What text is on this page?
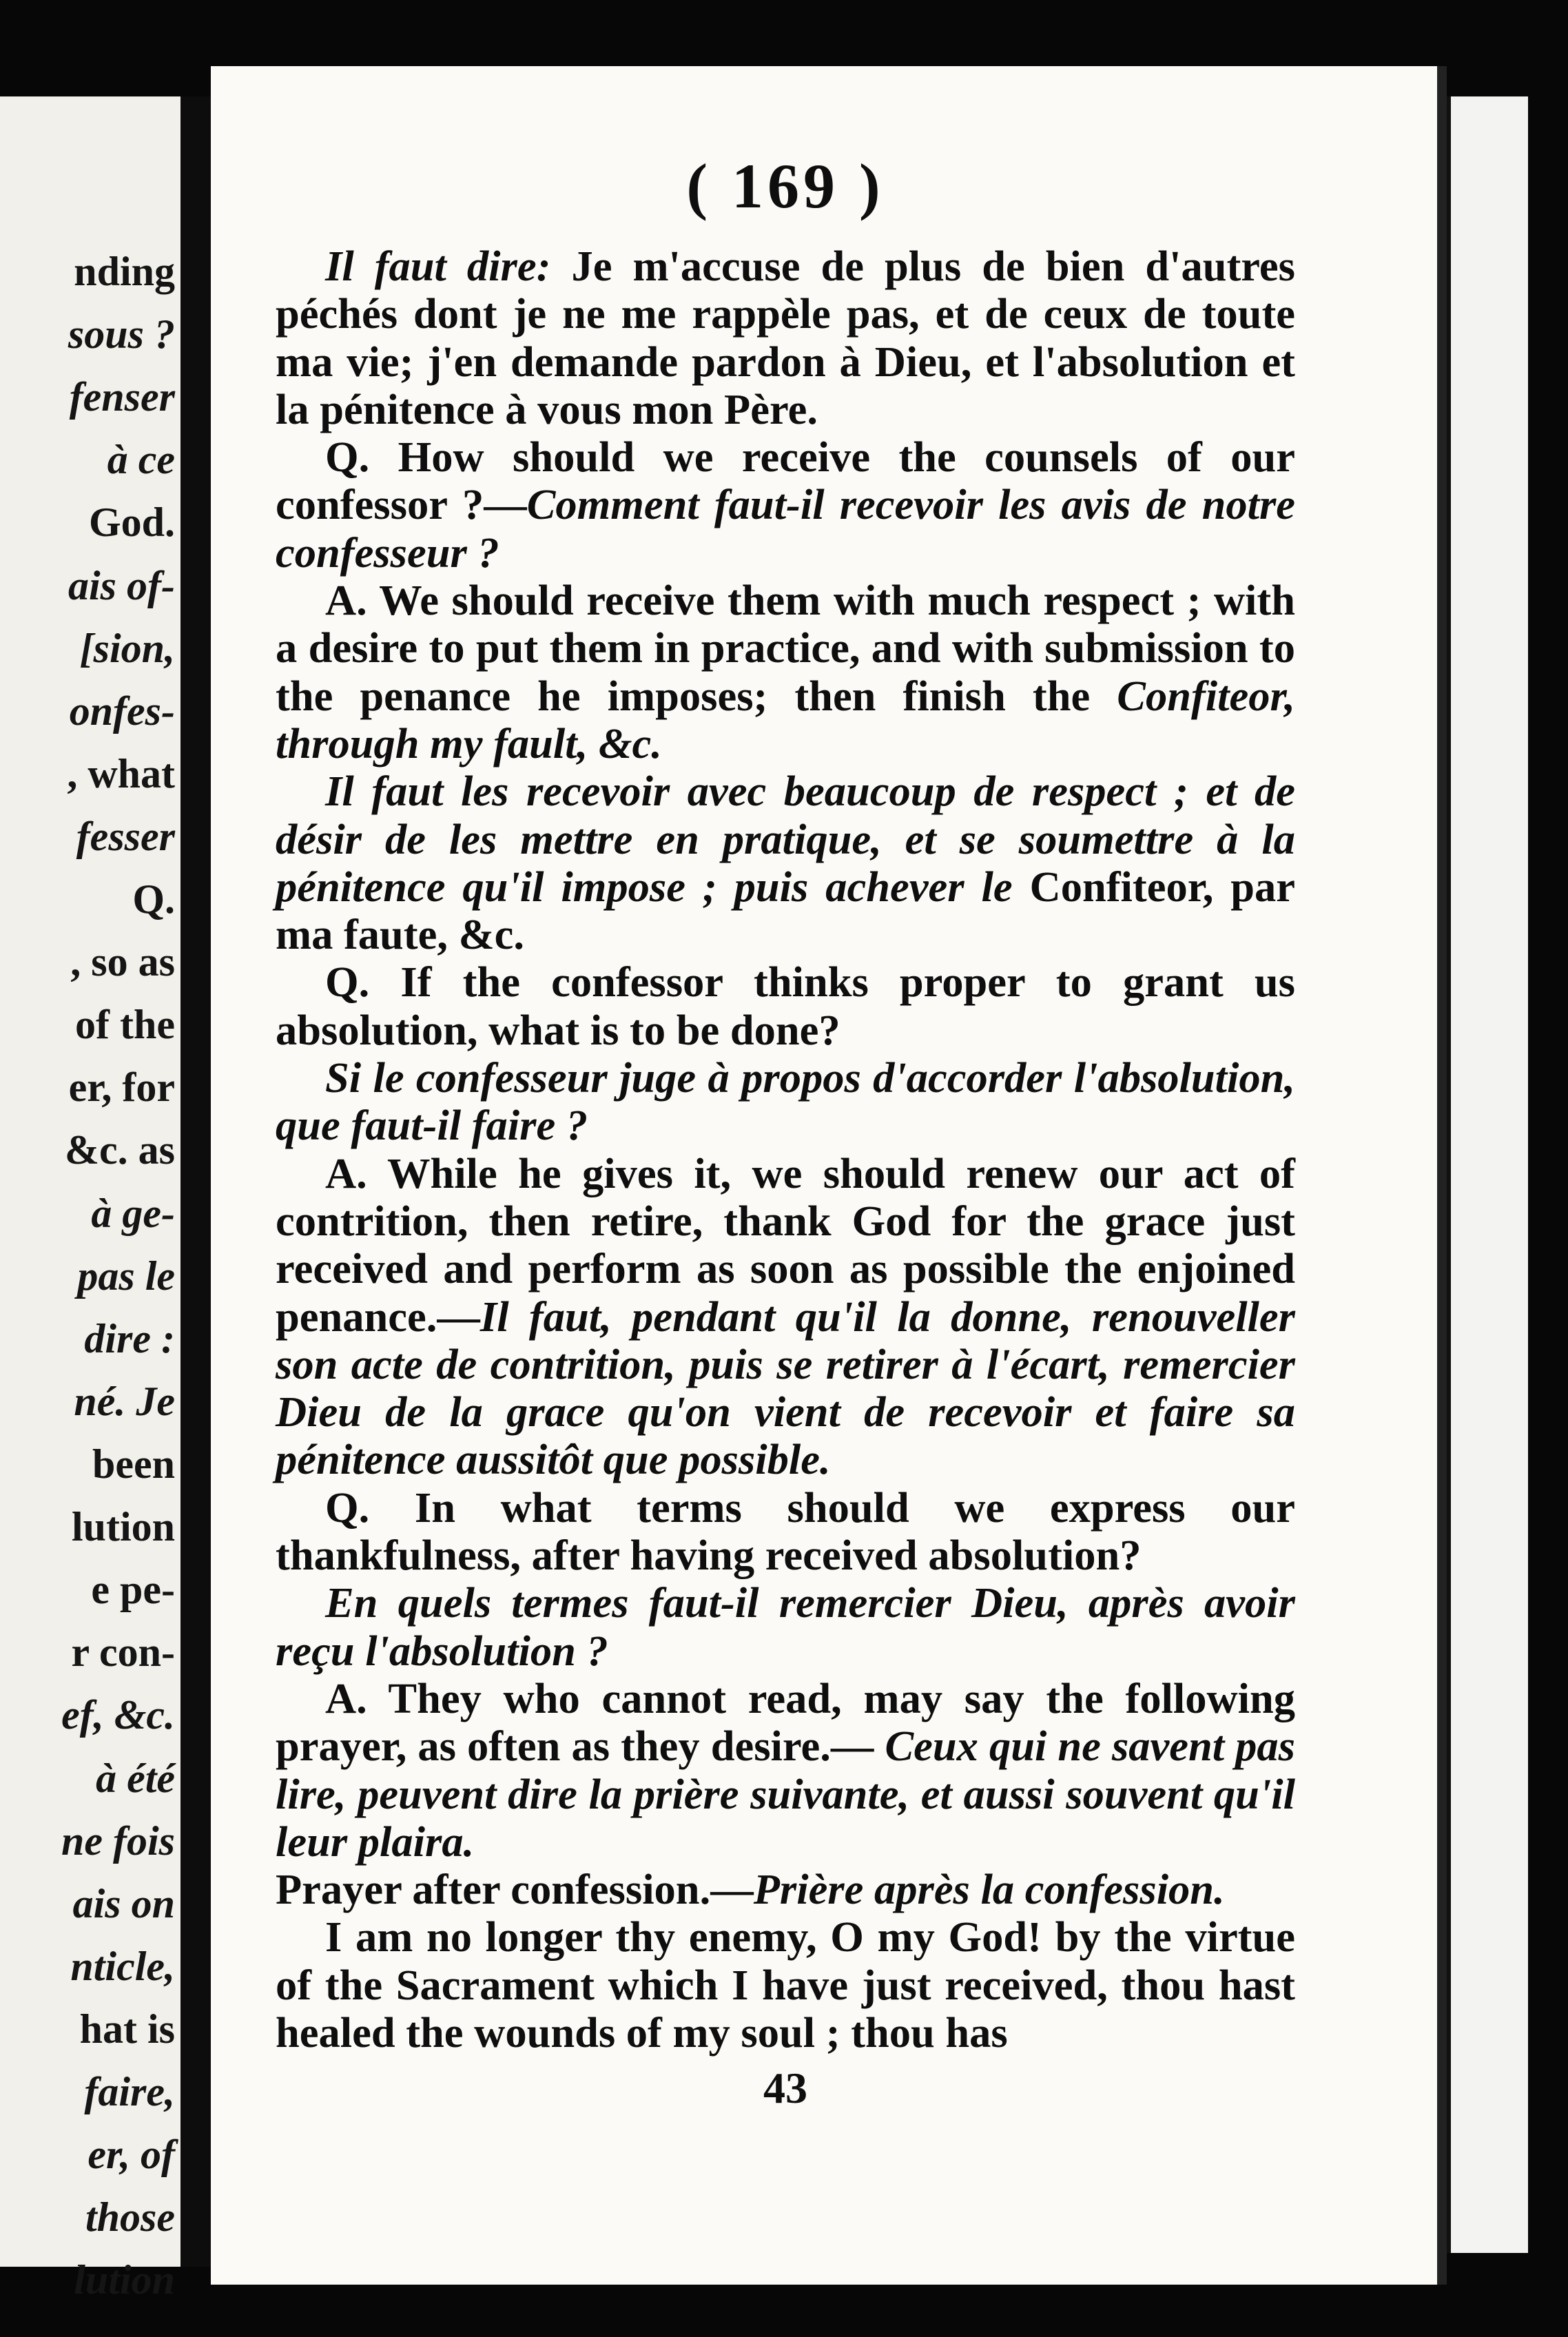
nding
sous ?
fenser
à ce
God.
ais of-
[sion,
onfes-
, what
fesser
Q.
, so as
of the
er, for
&c. as
à ge-
pas le
dire :
né. Je
been
lution
e pe-
r con-
ef, &c.
à été
ne fois
ais on
nticle,
hat is
faire,
er, of
those
lution
( 169 )

Il faut dire: Je m'accuse de plus de bien d'autres péchés dont je ne me rappèle pas, et de ceux de toute ma vie; j'en demande pardon à Dieu, et l'absolution et la pénitence à vous mon Père.

Q. How should we receive the counsels of our confessor ?—Comment faut-il recevoir les avis de notre confesseur ?

A. We should receive them with much respect ; with a desire to put them in practice, and with submission to the penance he imposes; then finish the Confiteor, through my fault, &c.

Il faut les recevoir avec beaucoup de respect ; et de désir de les mettre en pratique, et se soumettre à la pénitence qu'il impose ; puis achever le Confiteor, par ma faute, &c.

Q. If the confessor thinks proper to grant us absolution, what is to be done?

Si le confesseur juge à propos d'accorder l'absolution, que faut-il faire ?

A. While he gives it, we should renew our act of contrition, then retire, thank God for the grace just received and perform as soon as possible the enjoined penance.—Il faut, pendant qu'il la donne, renouveller son acte de contrition, puis se retirer à l'écart, remercier Dieu de la grace qu'on vient de recevoir et faire sa pénitence aussitôt que possible.

Q. In what terms should we express our thankfulness, after having received absolution?

En quels termes faut-il remercier Dieu, après avoir reçu l'absolution ?

A. They who cannot read, may say the following prayer, as often as they desire.— Ceux qui ne savent pas lire, peuvent dire la prière suivante, et aussi souvent qu'il leur plaira.

Prayer after confession.—Prière après la confession.

I am no longer thy enemy, O my God! by the virtue of the Sacrament which I have just received, thou hast healed the wounds of my soul ; thou has

43
